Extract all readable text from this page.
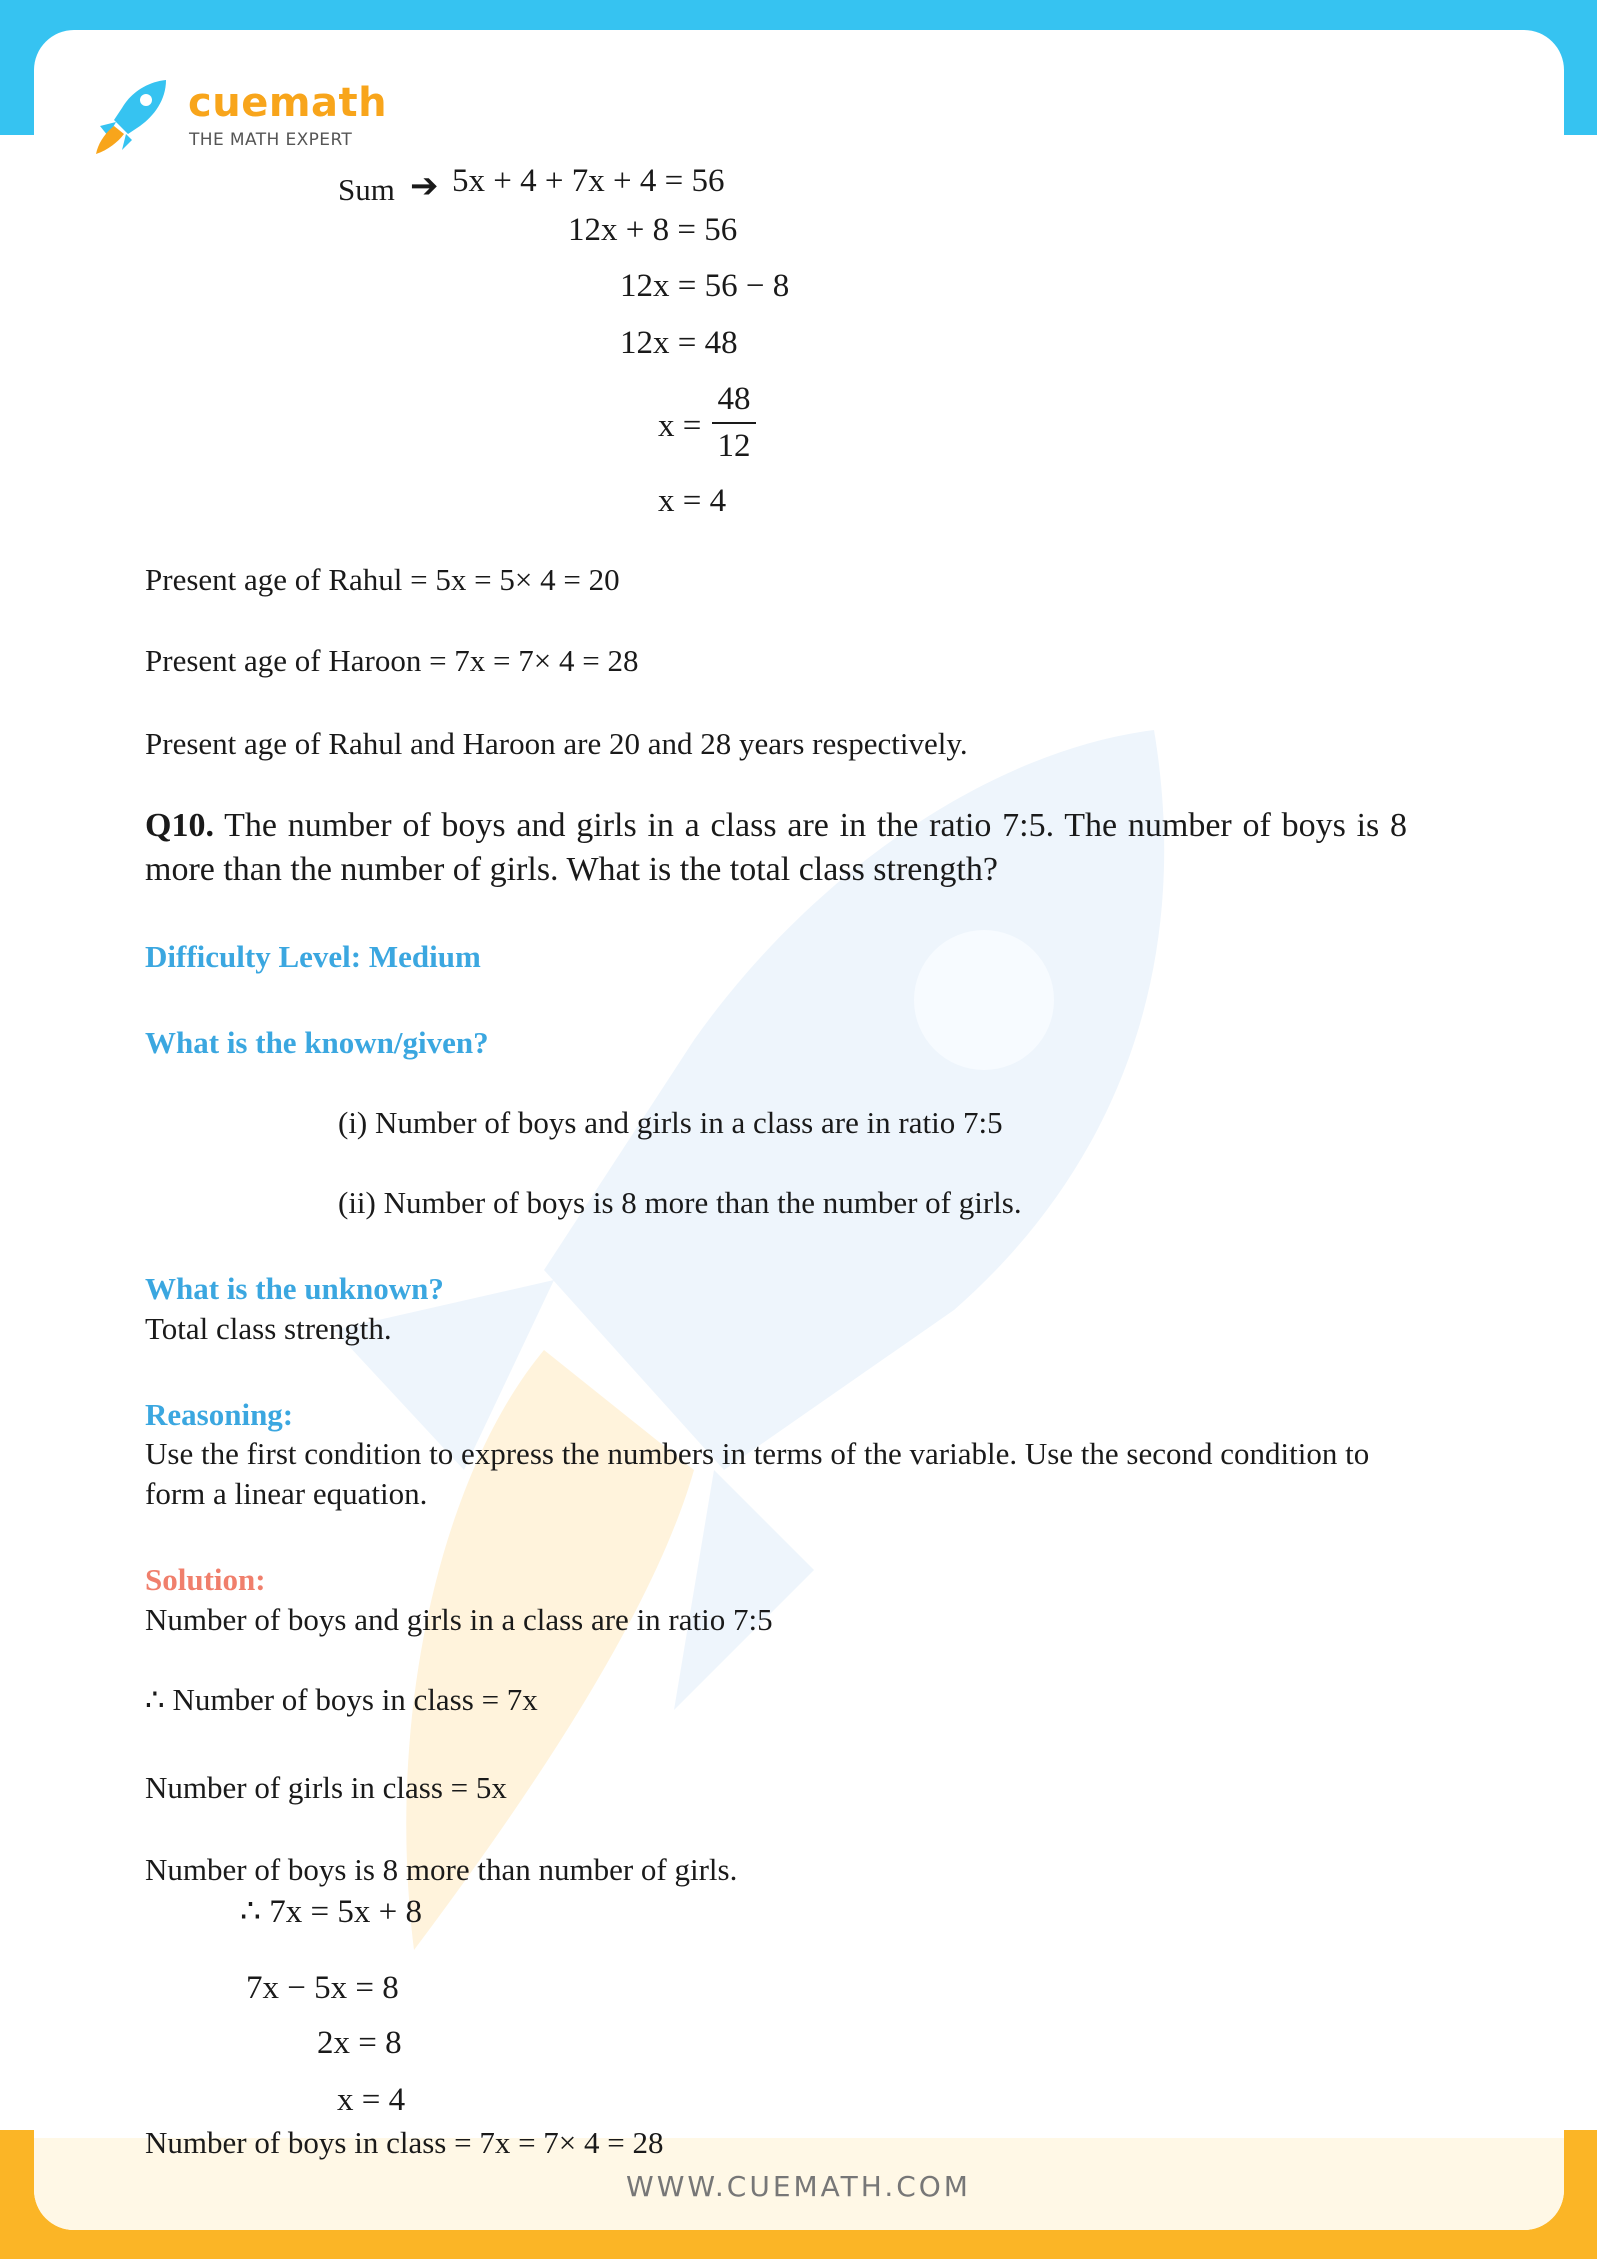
cuemath
THE MATH EXPERT
Sum ➔ 5x + 4 + 7x + 4 = 56
12x + 8 = 56
12x = 56 − 8
12x = 48
x =
48
12
x = 4
Present age of Rahul = 5x = 5× 4 = 20
Present age of Haroon = 7x = 7× 4 = 28
Present age of Rahul and Haroon are 20 and 28 years respectively.
Q10. The number of boys and girls in a class are in the ratio 7:5. The number of boys is 8 more than the number of girls. What is the total class strength?
Difficulty Level: Medium
What is the known/given?
(i) Number of boys and girls in a class are in ratio 7:5
(ii) Number of boys is 8 more than the number of girls.
What is the unknown?
Total class strength.
Reasoning:
Use the first condition to express the numbers in terms of the variable. Use the second condition to form a linear equation.
Solution:
Number of boys and girls in a class are in ratio 7:5
∴ Number of boys in class = 7x
Number of girls in class = 5x
Number of boys is 8 more than number of girls.
∴ 7x = 5x + 8
7x − 5x = 8
2x = 8
x = 4
Number of boys in class = 7x = 7× 4 = 28
WWW.CUEMATH.COM
